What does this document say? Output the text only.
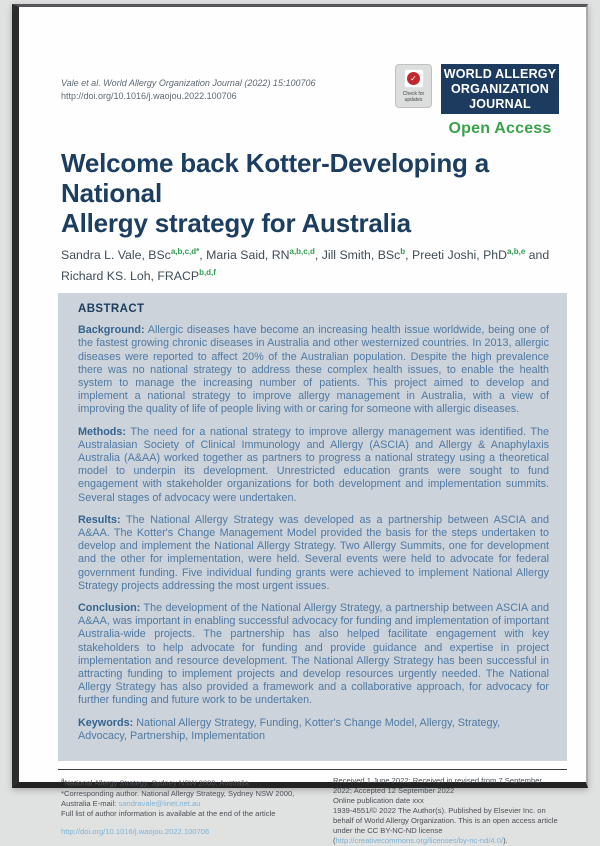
Vale et al. World Allergy Organization Journal (2022) 15:100706
http://doi.org/10.1016/j.waojou.2022.100706
✓
Check for
updates
WORLD ALLERGY
ORGANIZATION
JOURNAL
Open Access
Welcome back Kotter-Developing a National
Allergy strategy for Australia
Sandra L. Vale, BSc$^{a,b,c,d*}$, Maria Said, RN$^{a,b,c,d}$, Jill Smith, BSc$^b$, Preeti Joshi, PhD$^{a,b,e}$ and Richard KS. Loh, FRACP$^{b,d,f}$
ABSTRACT

Background: Allergic diseases have become an increasing health issue worldwide, being one of the fastest growing chronic diseases in Australia and other westernized countries. In 2013, allergic diseases were reported to affect 20% of the Australian population. Despite the high prevalence there was no national strategy to address these complex health issues, to enable the health system to manage the increasing number of patients. This project aimed to develop and implement a national strategy to improve allergy management in Australia, with a view of improving the quality of life of people living with or caring for someone with allergic diseases.

Methods: The need for a national strategy to improve allergy management was identified. The Australasian Society of Clinical Immunology and Allergy (ASCIA) and Allergy & Anaphylaxis Australia (A&AA) worked together as partners to progress a national strategy using a theoretical model to underpin its development. Unrestricted education grants were sought to fund engagement with stakeholder organizations for both development and implementation summits. Several stages of advocacy were undertaken.

Results: The National Allergy Strategy was developed as a partnership between ASCIA and A&AA. The Kotter's Change Management Model provided the basis for the steps undertaken to develop and implement the National Allergy Strategy. Two Allergy Summits, one for development and the other for implementation, were held. Several events were held to advocate for federal government funding. Five individual funding grants were achieved to implement National Allergy Strategy projects addressing the most urgent issues.

Conclusion: The development of the National Allergy Strategy, a partnership between ASCIA and A&AA, was important in enabling successful advocacy for funding and implementation of important Australia-wide projects. The partnership has also helped facilitate engagement with key stakeholders to help advocate for funding and provide guidance and expertise in project implementation and resource development. The National Allergy Strategy has been successful in attracting funding to implement projects and develop resources urgently needed. The National Allergy Strategy has also provided a framework and a collaborative approach, for advocacy for further funding and future work to be undertaken.

Keywords: National Allergy Strategy, Funding, Kotter's Change Model, Allergy, Strategy, Advocacy, Partnership, Implementation

$^a$National Allergy Strategy, Sydney NSW 2000, Australia

*Corresponding author. National Allergy Strategy, Sydney NSW 2000, Australia E-mail: sandravale@iinet.net.au

Full list of author information is available at the end of the article

http://doi.org/10.1016/j.waojou.2022.100706

Received 1 June 2022; Received in revised from 7 September 2022; Accepted 12 September 2022

Online publication date xxx

1939-4551/© 2022 The Author(s). Published by Elsevier Inc. on behalf of World Allergy Organization. This is an open access article under the CC BY-NC-ND license (http://creativecommons.org/licenses/by-nc-nd/4.0/).
